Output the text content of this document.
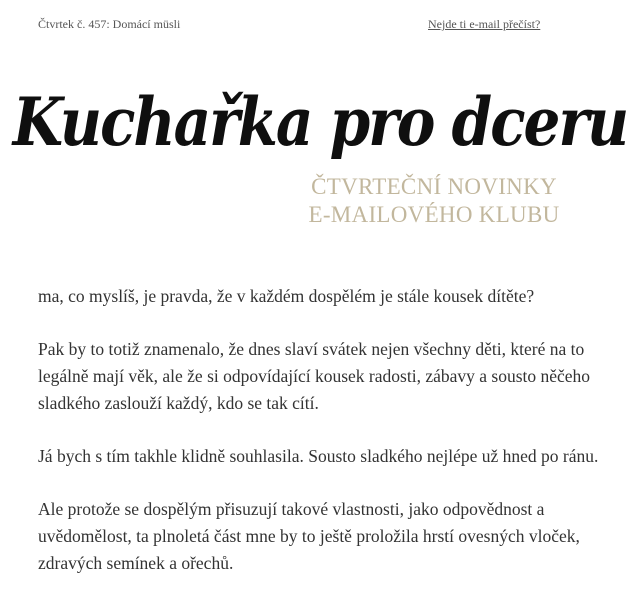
Čtvrtek č. 457: Domácí müsli	Nejde ti e-mail přečíst?
Kuchařka pro dceru
ČTVRTEČNÍ NOVINKY
E-MAILOVÉHO KLUBU

ma, co myslíš, je pravda, že v každém dospělém je stále kousek dítěte?

Pak by to totiž znamenalo, že dnes slaví svátek nejen všechny děti, které na to legálně mají věk, ale že si odpovídající kousek radosti, zábavy a sousto něčeho sladkého zaslouží každý, kdo se tak cítí.

Já bych s tím takhle klidně souhlasila. Sousto sladkého nejlépe už hned po ránu.

Ale protože se dospělým přisuzují takové vlastnosti, jako odpovědnost a uvědomělost, ta plnoletá část mne by to ještě proložila hrstí ovesných vloček, zdravých semínek a ořechů.
